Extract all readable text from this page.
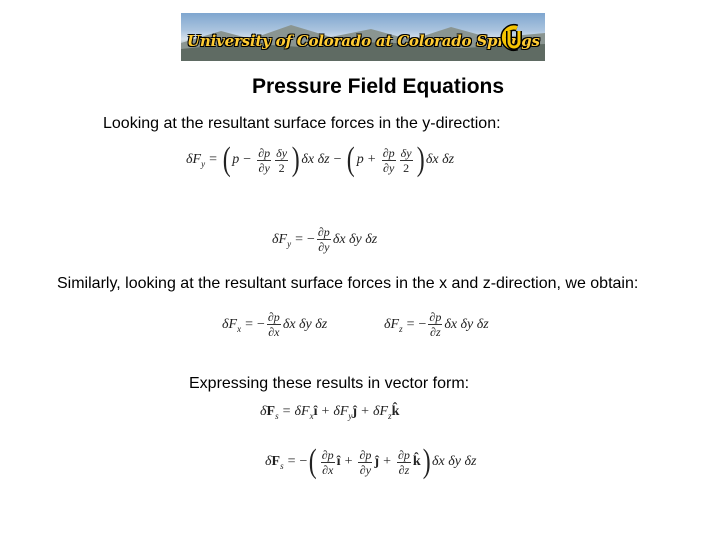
University of Colorado at Colorado Springs
Pressure Field Equations
Looking at the resultant surface forces in the y-direction:
$\delta F_y$ = ( $p - \frac{\partial p}{\partial y} \frac{\delta y}{2}$ ) δx δz − ( $p + \frac{\partial p}{\partial y} \frac{\delta y}{2}$ ) δx δz
$\delta F_y$ = − $\frac{\partial p}{\partial y}$ δx δy δz
Similarly, looking at the resultant surface forces in the x and z-direction, we obtain:
$\delta F_x$ = − $\frac{\partial p}{\partial x}$ δx δy δz	$\delta F_z$ = − $\frac{\partial p}{\partial z}$ δx δy δz
Expressing these results in vector form:
$\delta F_s$ = $\delta F_xî$ + $\delta F_yĵ$ + $\delta F_zk̂$
$\delta F_s$ = − ( $\frac{\partial p}{\partial x}$ î + $\frac{\partial p}{\partial y}$ ĵ + $\frac{\partial p}{\partial z}$ k̂ ) δx δy δz
